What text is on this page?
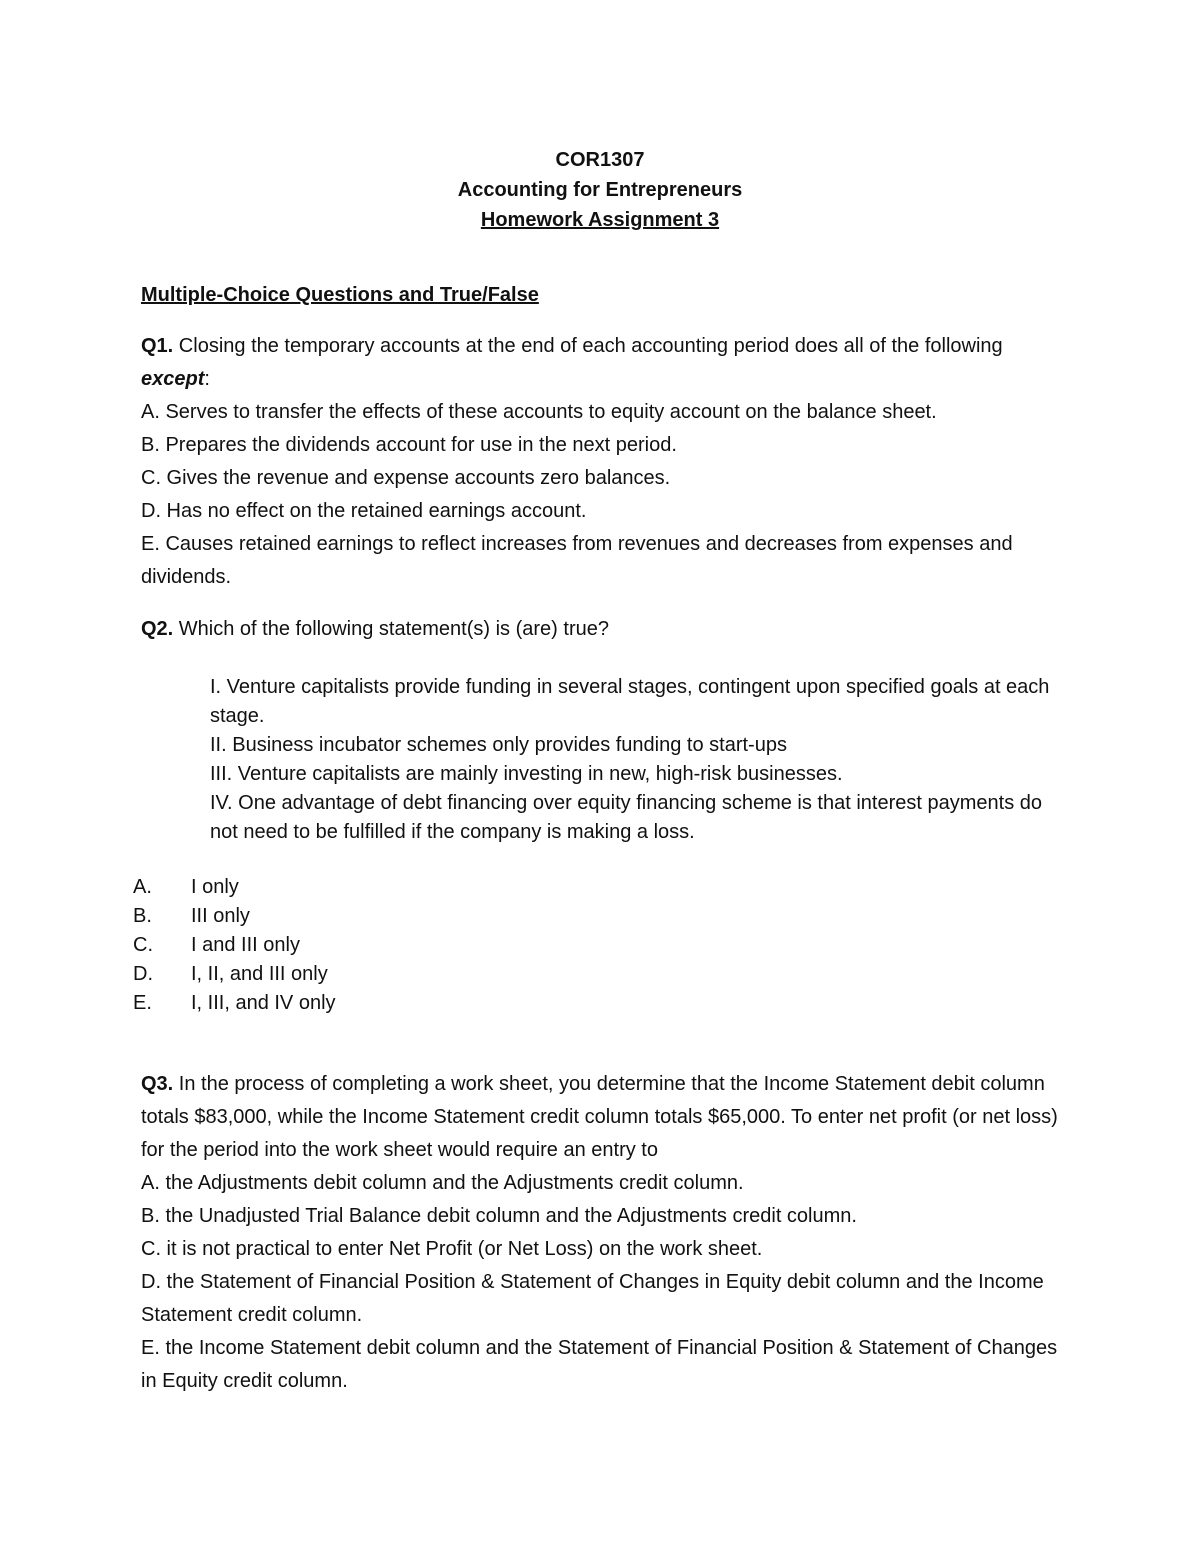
COR1307
Accounting for Entrepreneurs
Homework Assignment 3
Multiple-Choice Questions and True/False
Q1. Closing the temporary accounts at the end of each accounting period does all of the following except:
A. Serves to transfer the effects of these accounts to equity account on the balance sheet.
B. Prepares the dividends account for use in the next period.
C. Gives the revenue and expense accounts zero balances.
D. Has no effect on the retained earnings account.
E. Causes retained earnings to reflect increases from revenues and decreases from expenses and dividends.
Q2. Which of the following statement(s) is (are) true?
I. Venture capitalists provide funding in several stages, contingent upon specified goals at each stage.
II. Business incubator schemes only provides funding to start-ups
III. Venture capitalists are mainly investing in new, high-risk businesses.
IV. One advantage of debt financing over equity financing scheme is that interest payments do not need to be fulfilled if the company is making a loss.
A.	I only
B.	III only
C.	I and III only
D.	I, II, and III only
E.	I, III, and IV only
Q3. In the process of completing a work sheet, you determine that the Income Statement debit column totals $83,000, while the Income Statement credit column totals $65,000. To enter net profit (or net loss) for the period into the work sheet would require an entry to
A. the Adjustments debit column and the Adjustments credit column.
B. the Unadjusted Trial Balance debit column and the Adjustments credit column.
C. it is not practical to enter Net Profit (or Net Loss) on the work sheet.
D. the Statement of Financial Position & Statement of Changes in Equity debit column and the Income Statement credit column.
E. the Income Statement debit column and the Statement of Financial Position & Statement of Changes in Equity credit column.
